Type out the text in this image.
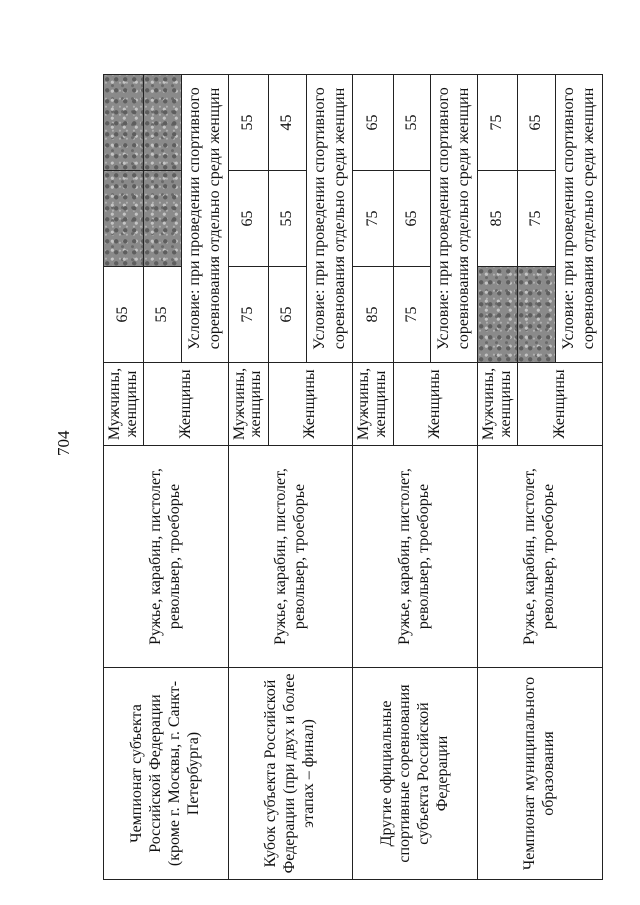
704
Чемпионат субъекта Российской Федерации (кроме г. Москвы, г. Санкт-Петербурга)	Ружье, карабин, пистолет, револьвер, троеборье	Мужчины, женщины	65		
		Женщины	55		
			Условие: при проведении спортивного соревнования отдельно среди женщин		
Кубок субъекта Российской Федерации (при двух и более этапах – финал)	Ружье, карабин, пистолет, револьвер, троеборье	Мужчины, женщины	75	65	55
		Женщины	65	55	45
			Условие: при проведении спортивного соревнования отдельно среди женщин		
Другие официальные спортивные соревнования субъекта Российской Федерации	Ружье, карабин, пистолет, револьвер, троеборье	Мужчины, женщины	85	75	65
		Женщины	75	65	55
			Условие: при проведении спортивного соревнования отдельно среди женщин		
Чемпионат муниципального образования	Ружье, карабин, пистолет, револьвер, троеборье	Мужчины, женщины		85	75
		Женщины		75	65
			Условие: при проведении спортивного соревнования отдельно среди женщин		
